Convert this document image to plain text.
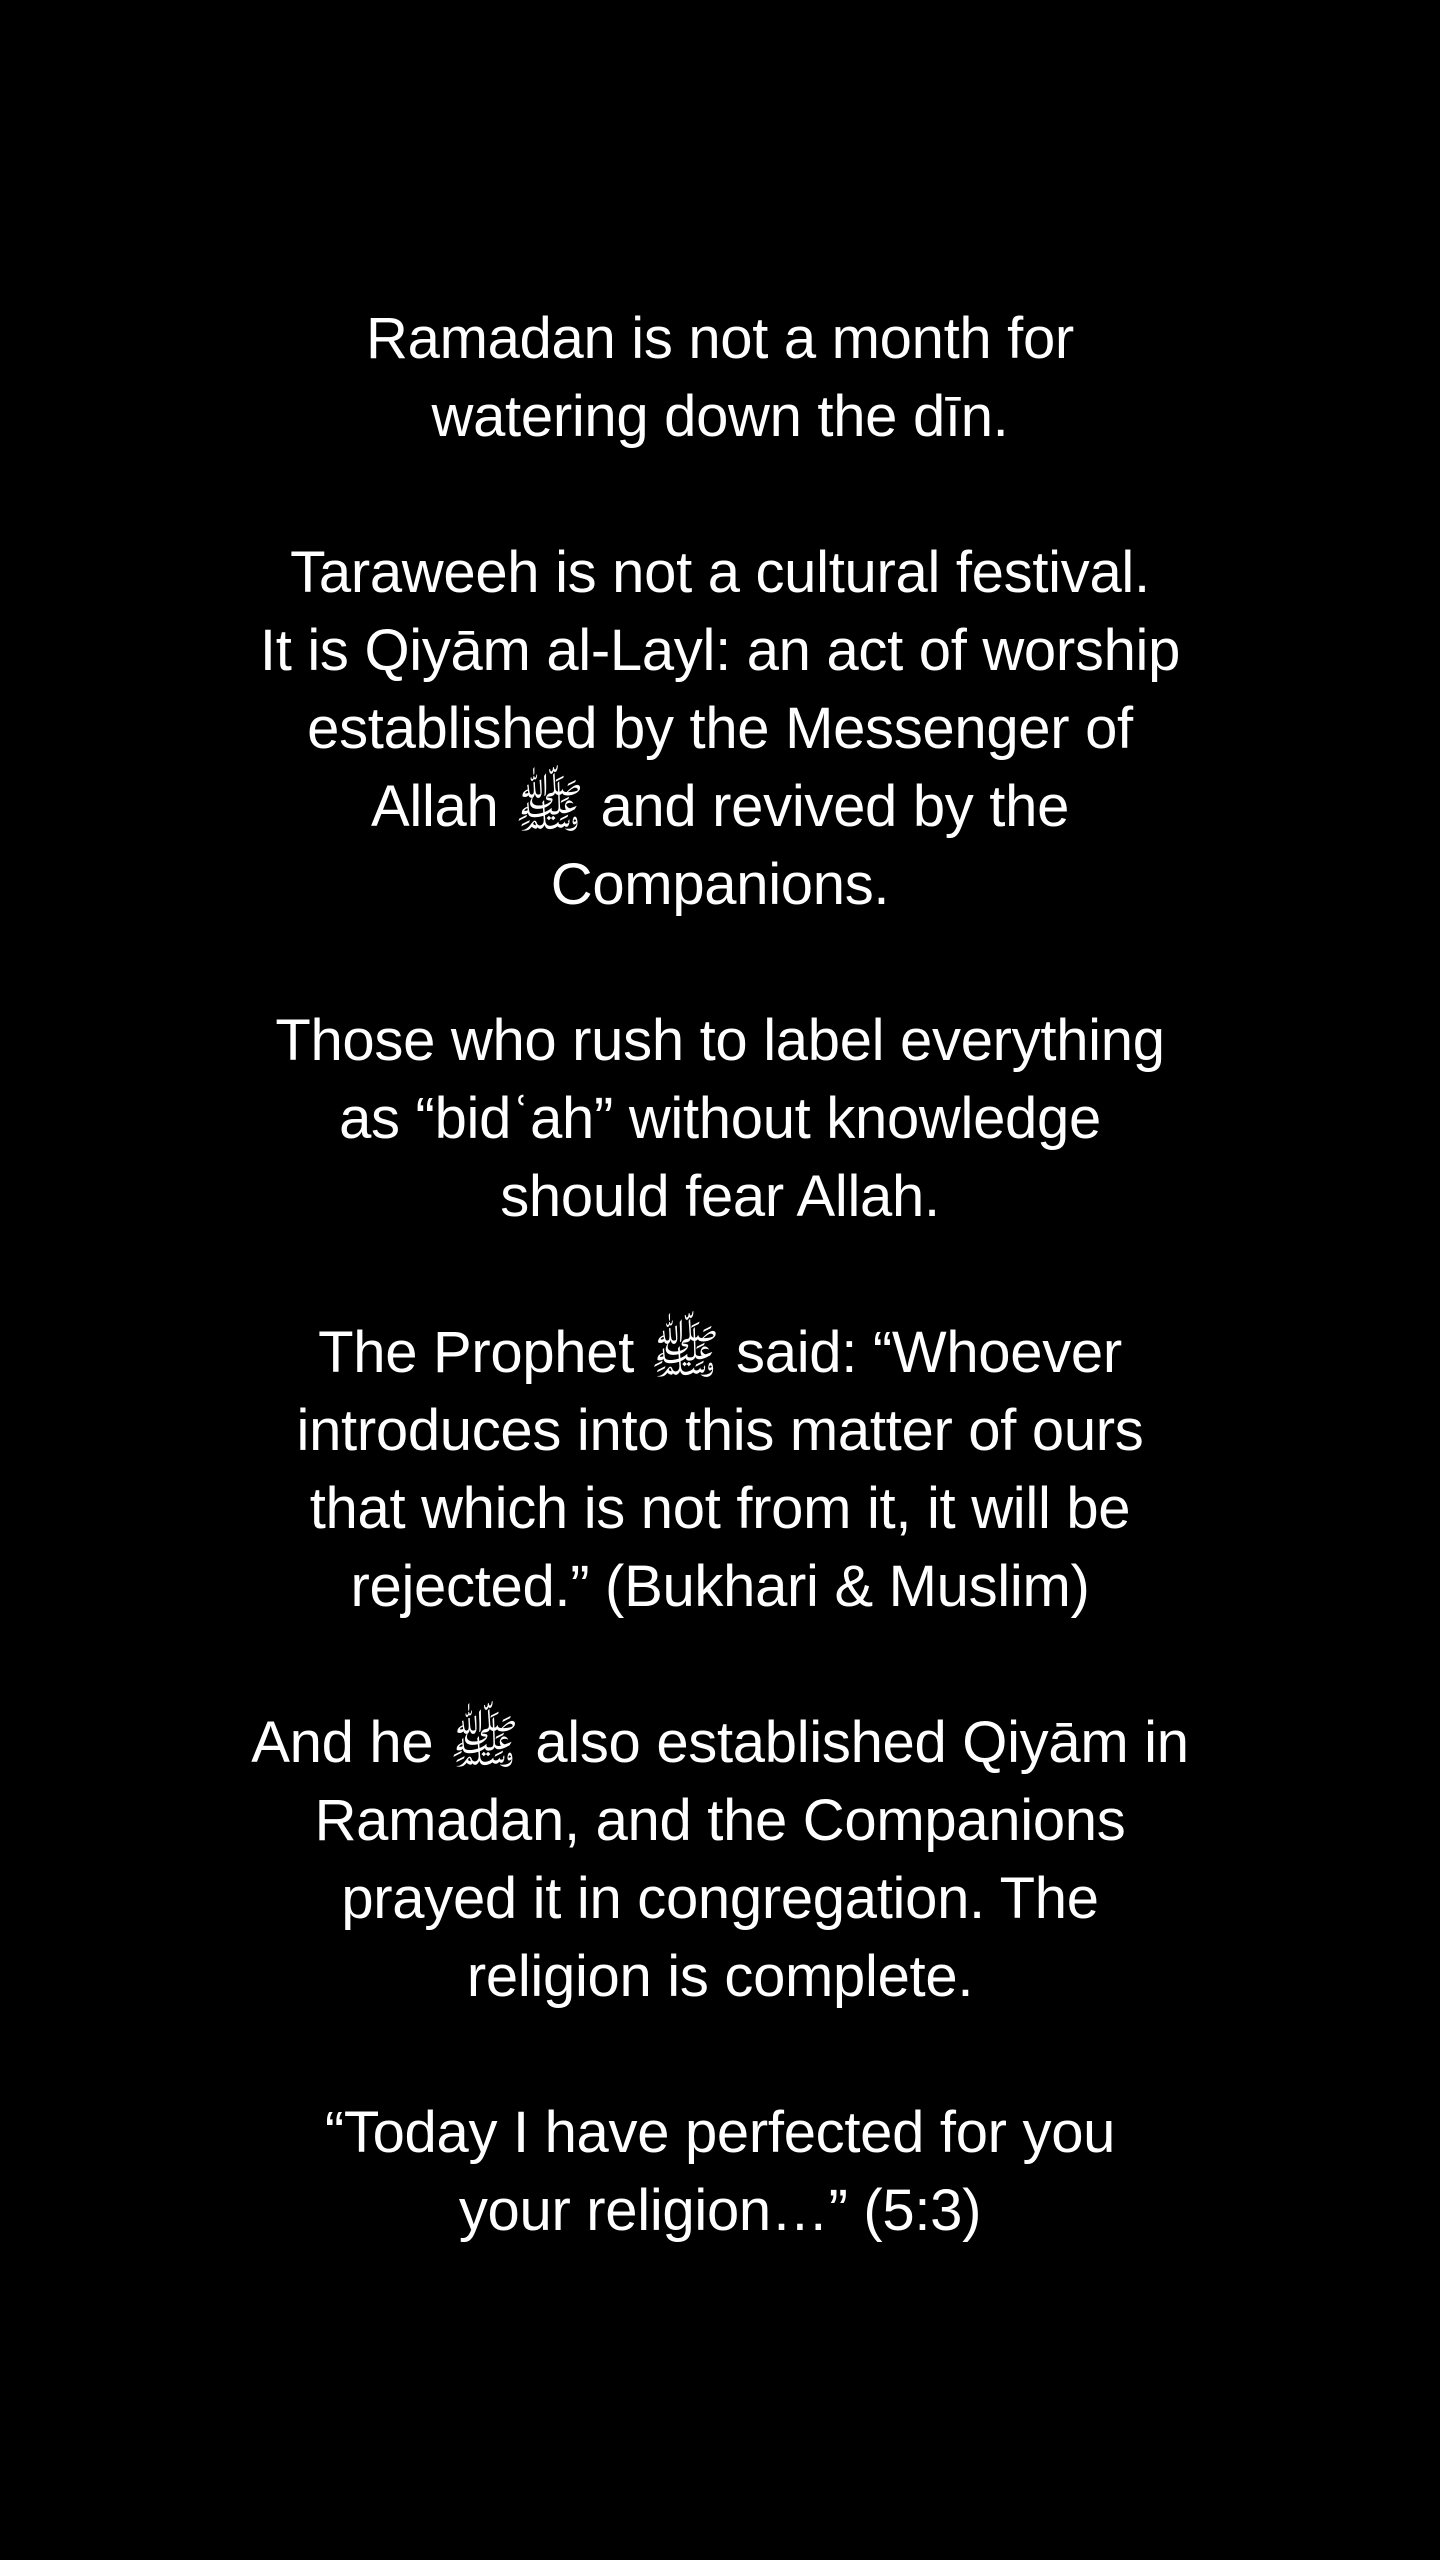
Ramadan is not a month for
watering down the dīn.

Taraweeh is not a cultural festival.
It is Qiyām al-Layl: an act of worship
established by the Messenger of
Allah ﷺ and revived by the
Companions.

Those who rush to label everything
as “bidʿah” without knowledge
should fear Allah.

The Prophet ﷺ said: “Whoever
introduces into this matter of ours
that which is not from it, it will be
rejected.” (Bukhari & Muslim)

And he ﷺ also established Qiyām in
Ramadan, and the Companions
prayed it in congregation. The
religion is complete.

“Today I have perfected for you
your religion…” (5:3)
